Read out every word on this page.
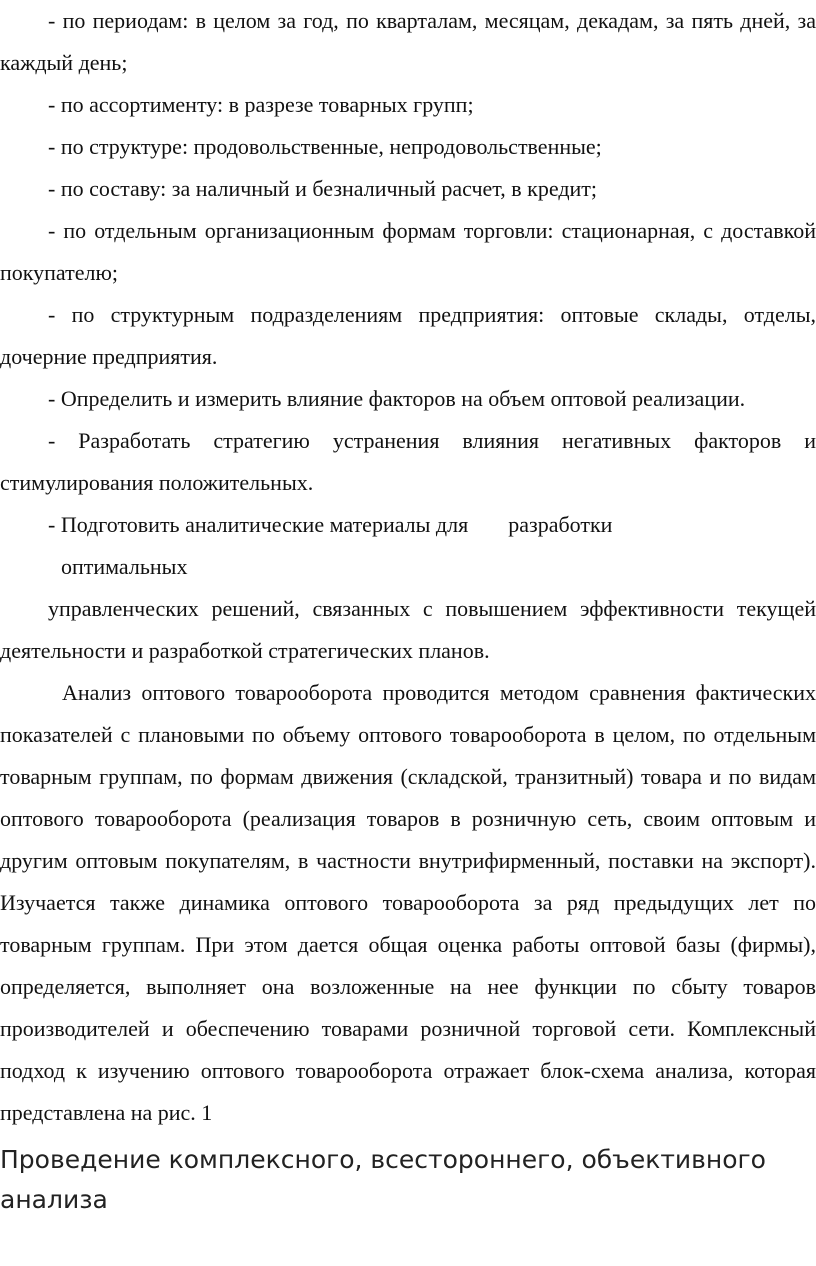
- по периодам: в целом за год, по кварталам, месяцам, декадам, за пять дней, за каждый день;

- по ассортименту: в разрезе товарных групп;

- по структуре: продовольственные, непродовольственные;

- по составу: за наличный и безналичный расчет, в кредит;

- по отдельным организационным формам торговли: стационарная, с доставкой покупателю;

- по структурным подразделениям предприятия: оптовые склады, отделы, дочерние предприятия.

- Определить и измерить влияние факторов на объем оптовой реализации.

- Разработать стратегию устранения влияния негативных факторов и стимулирования положительных.

- Подготовить аналитические материалы для разработки

оптимальных

управленческих решений, связанных с повышением эффективности текущей деятельности и разработкой стратегических планов.

Анализ оптового товарооборота проводится методом сравнения фактических показателей с плановыми по объему оптового товарооборота в целом, по отдельным товарным группам, по формам движения (складской, транзитный) товара и по видам оптового товарооборота (реализация товаров в розничную сеть, своим оптовым и другим оптовым покупателям, в частности внутрифирменный, поставки на экспорт). Изучается также динамика оптового товарооборота за ряд предыдущих лет по товарным группам. При этом дается общая оценка работы оптовой базы (фирмы), определяется, выполняет она возложенные на нее функции по сбыту товаров производителей и обеспечению товарами розничной торговой сети. Комплексный подход к изучению оптового товарооборота отражает блок-схема анализа, которая представлена на рис. 1

Проведение комплексного, всестороннего, объективного анализа
